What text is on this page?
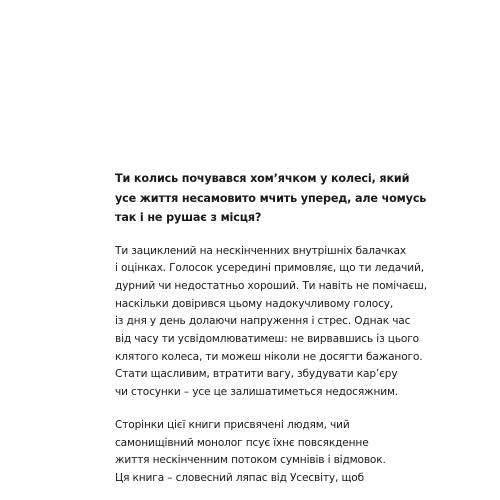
Ти колись почувався хом’ячком у колесі, який
усе життя несамовито мчить уперед, але чомусь
так і не рушає з місця?

Ти зациклений на нескінченних внутрішніх балачках
і оцінках. Голосок усередині примовляє, що ти ледачий,
дурний чи недостатньо хороший. Ти навіть не помічаєш,
наскільки довірився цьому надокучливому голосу,
із дня у день долаючи напруження і стрес. Однак час
від часу ти усвідомлюватимеш: не вирвавшись із цього
клятого колеса, ти можеш ніколи не досягти бажаного.
Стати щасливим, втратити вагу, збудувати кар’єру
чи стосунки – усе це залишатиметься недосяжним.

Сторінки цієї книги присвячені людям, чий
самонищівний монолог псує їхнє повсякденне
життя нескінченним потоком сумнівів і відмовок.
Ця книга – словесний ляпас від Усесвіту, щоб
